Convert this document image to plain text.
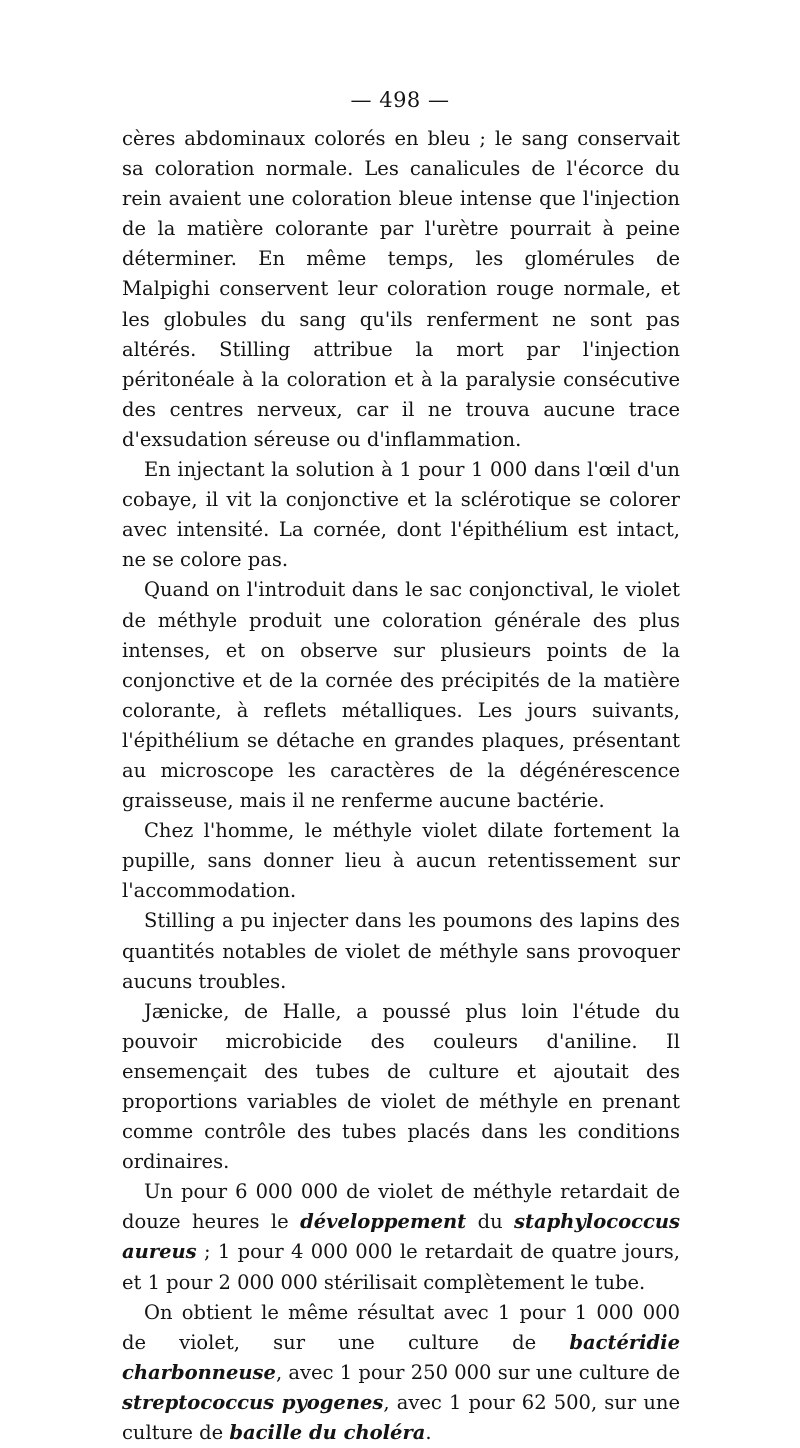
— 498 —

cères abdominaux colorés en bleu ; le sang conservait sa coloration normale. Les canalicules de l'écorce du rein avaient une coloration bleue intense que l'injection de la matière colorante par l'urètre pourrait à peine déterminer. En même temps, les glomérules de Malpighi conservent leur coloration rouge normale, et les globules du sang qu'ils renferment ne sont pas altérés. Stilling attribue la mort par l'injection péritonéale à la coloration et à la paralysie consécutive des centres nerveux, car il ne trouva aucune trace d'exsudation séreuse ou d'inflammation.

En injectant la solution à 1 pour 1 000 dans l'œil d'un cobaye, il vit la conjonctive et la sclérotique se colorer avec intensité. La cornée, dont l'épithélium est intact, ne se colore pas.

Quand on l'introduit dans le sac conjonctival, le violet de méthyle produit une coloration générale des plus intenses, et on observe sur plusieurs points de la conjonctive et de la cornée des précipités de la matière colorante, à reflets métalliques. Les jours suivants, l'épithélium se détache en grandes plaques, présentant au microscope les caractères de la dégénérescence graisseuse, mais il ne renferme aucune bactérie.

Chez l'homme, le méthyle violet dilate fortement la pupille, sans donner lieu à aucun retentissement sur l'accommodation.

Stilling a pu injecter dans les poumons des lapins des quantités notables de violet de méthyle sans provoquer aucuns troubles.

Jænicke, de Halle, a poussé plus loin l'étude du pouvoir microbicide des couleurs d'aniline. Il ensemençait des tubes de culture et ajoutait des proportions variables de violet de méthyle en prenant comme contrôle des tubes placés dans les conditions ordinaires.

Un pour 6 000 000 de violet de méthyle retardait de douze heures le développement du staphylococcus aureus ; 1 pour 4 000 000 le retardait de quatre jours, et 1 pour 2 000 000 stérilisait complètement le tube.

On obtient le même résultat avec 1 pour 1 000 000 de violet, sur une culture de bactéridie charbonneuse, avec 1 pour 250 000 sur une culture de streptococcus pyogenes, avec 1 pour 62 500, sur une culture de bacille du choléra.
